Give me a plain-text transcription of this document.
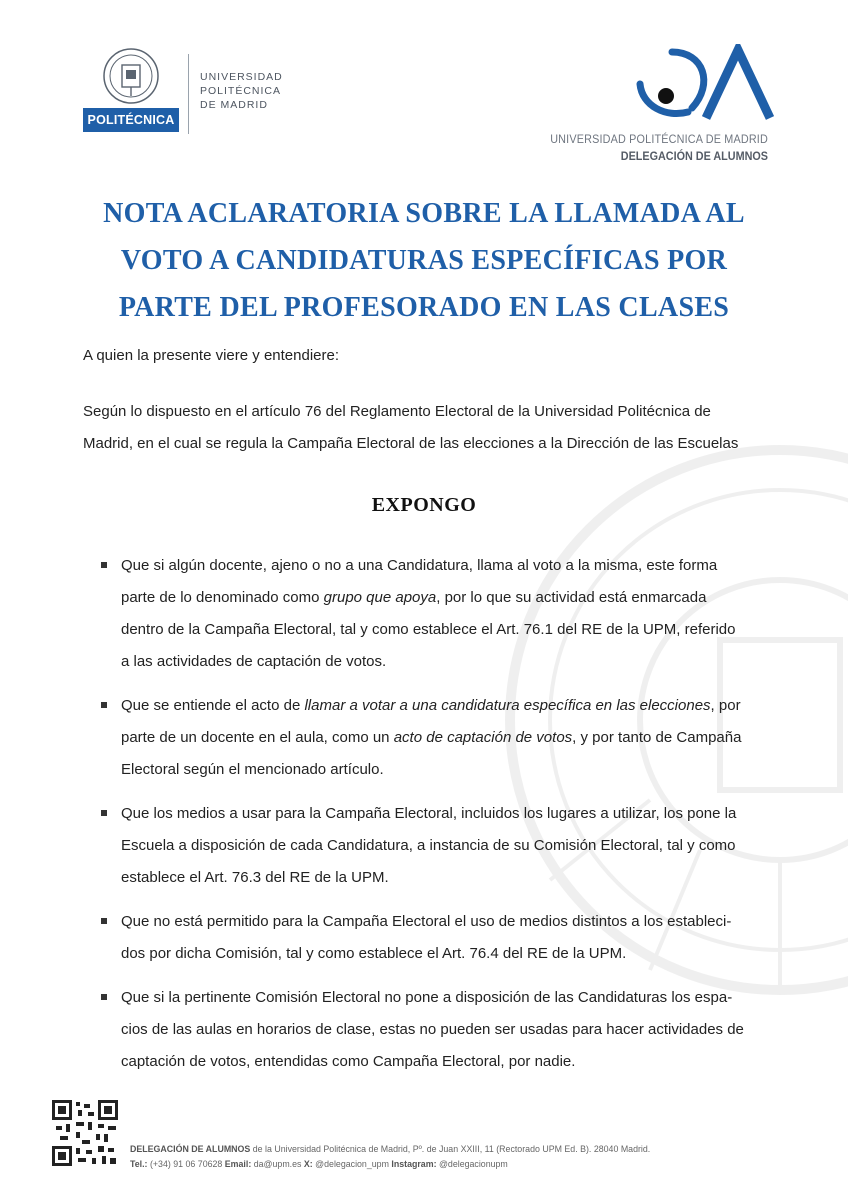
POLITÉCNICA
UNIVERSIDAD
POLITÉCNICA
DE MADRID
UNIVERSIDAD POLITÉCNICA DE MADRID
DELEGACIÓN DE ALUMNOS
NOTA ACLARATORIA SOBRE LA LLAMADA AL
VOTO A CANDIDATURAS ESPECÍFICAS POR
PARTE DEL PROFESORADO EN LAS CLASES
A quien la presente viere y entendiere:
Según lo dispuesto en el artículo 76 del Reglamento Electoral de la Universidad Politécnica de
Madrid, en el cual se regula la Campaña Electoral de las elecciones a la Dirección de las Escuelas
EXPONGO
Que si algún docente, ajeno o no a una Candidatura, llama al voto a la misma, este forma
parte de lo denominado como grupo que apoya, por lo que su actividad está enmarcada
dentro de la Campaña Electoral, tal y como establece el Art. 76.1 del RE de la UPM, referido
a las actividades de captación de votos.
Que se entiende el acto de llamar a votar a una candidatura específica en las elecciones, por
parte de un docente en el aula, como un acto de captación de votos, y por tanto de Campaña
Electoral según el mencionado artículo.
Que los medios a usar para la Campaña Electoral, incluidos los lugares a utilizar, los pone la
Escuela a disposición de cada Candidatura, a instancia de su Comisión Electoral, tal y como
establece el Art. 76.3 del RE de la UPM.
Que no está permitido para la Campaña Electoral el uso de medios distintos a los estableci-
dos por dicha Comisión, tal y como establece el Art. 76.4 del RE de la UPM.
Que si la pertinente Comisión Electoral no pone a disposición de las Candidaturas los espa-
cios de las aulas en horarios de clase, estas no pueden ser usadas para hacer actividades de
captación de votos, entendidas como Campaña Electoral, por nadie.
DELEGACIÓN DE ALUMNOS de la Universidad Politécnica de Madrid, Pº. de Juan XXIII, 11 (Rectorado UPM Ed. B). 28040 Madrid.
Tel.: (+34) 91 06 70628 Email: da@upm.es X: @delegacion_upm Instagram: @delegacionupm
